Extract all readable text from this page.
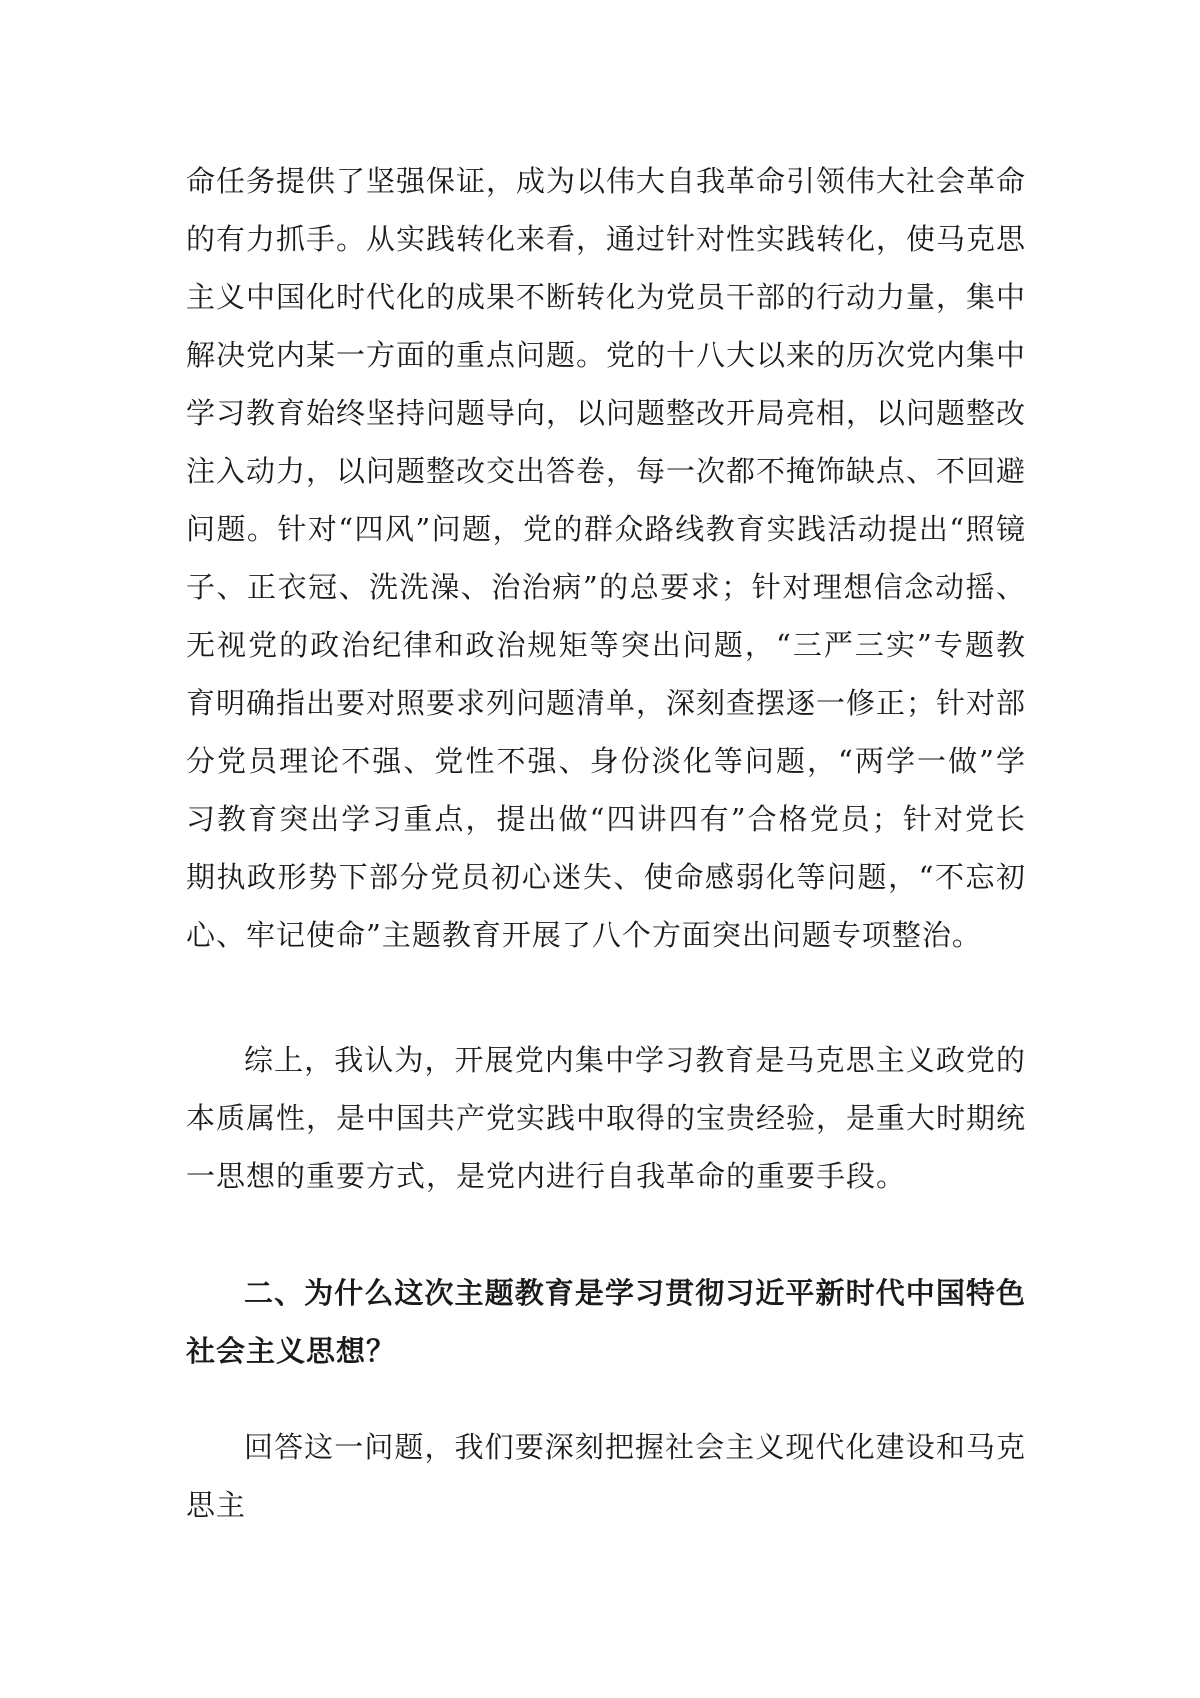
命任务提供了坚强保证，成为以伟大自我革命引领伟大社会革命的有力抓手。从实践转化来看，通过针对性实践转化，使马克思主义中国化时代化的成果不断转化为党员干部的行动力量，集中解决党内某一方面的重点问题。党的十八大以来的历次党内集中学习教育始终坚持问题导向，以问题整改开局亮相，以问题整改注入动力，以问题整改交出答卷，每一次都不掩饰缺点、不回避问题。针对“四风”问题，党的群众路线教育实践活动提出“照镜子、正衣冠、洗洗澡、治治病”的总要求；针对理想信念动摇、无视党的政治纪律和政治规矩等突出问题，“三严三实”专题教育明确指出要对照要求列问题清单，深刻查摆逐一修正；针对部分党员理论不强、党性不强、身份淡化等问题，“两学一做”学习教育突出学习重点，提出做“四讲四有”合格党员；针对党长期执政形势下部分党员初心迷失、使命感弱化等问题，“不忘初心、牢记使命”主题教育开展了八个方面突出问题专项整治。

综上，我认为，开展党内集中学习教育是马克思主义政党的本质属性，是中国共产党实践中取得的宝贵经验，是重大时期统一思想的重要方式，是党内进行自我革命的重要手段。

二、为什么这次主题教育是学习贯彻习近平新时代中国特色社会主义思想？

回答这一问题，我们要深刻把握社会主义现代化建设和马克思主
